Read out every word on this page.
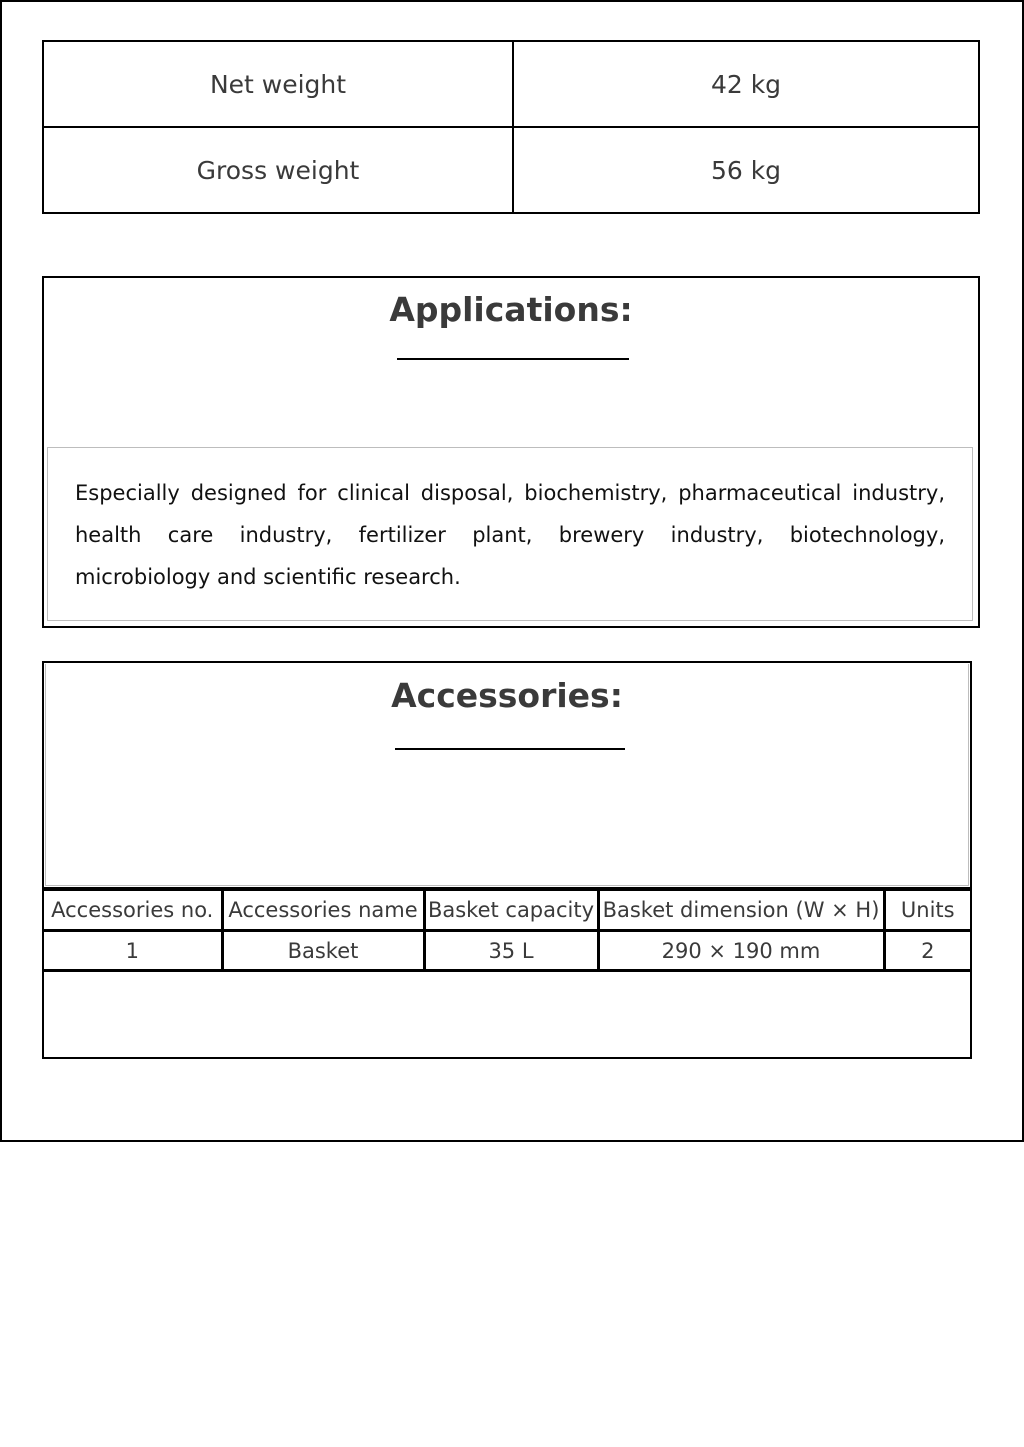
Net weight	42 kg
Gross weight	56 kg
Applications:

Especially designed for clinical disposal, biochemistry, pharmaceutical industry, health care industry, fertilizer plant, brewery industry, biotechnology, microbiology and scientific research.

Accessories:
Accessories no.	Accessories name	Basket capacity	Basket dimension (W × H)	Units
1	Basket	35 L	290 × 190 mm	2
